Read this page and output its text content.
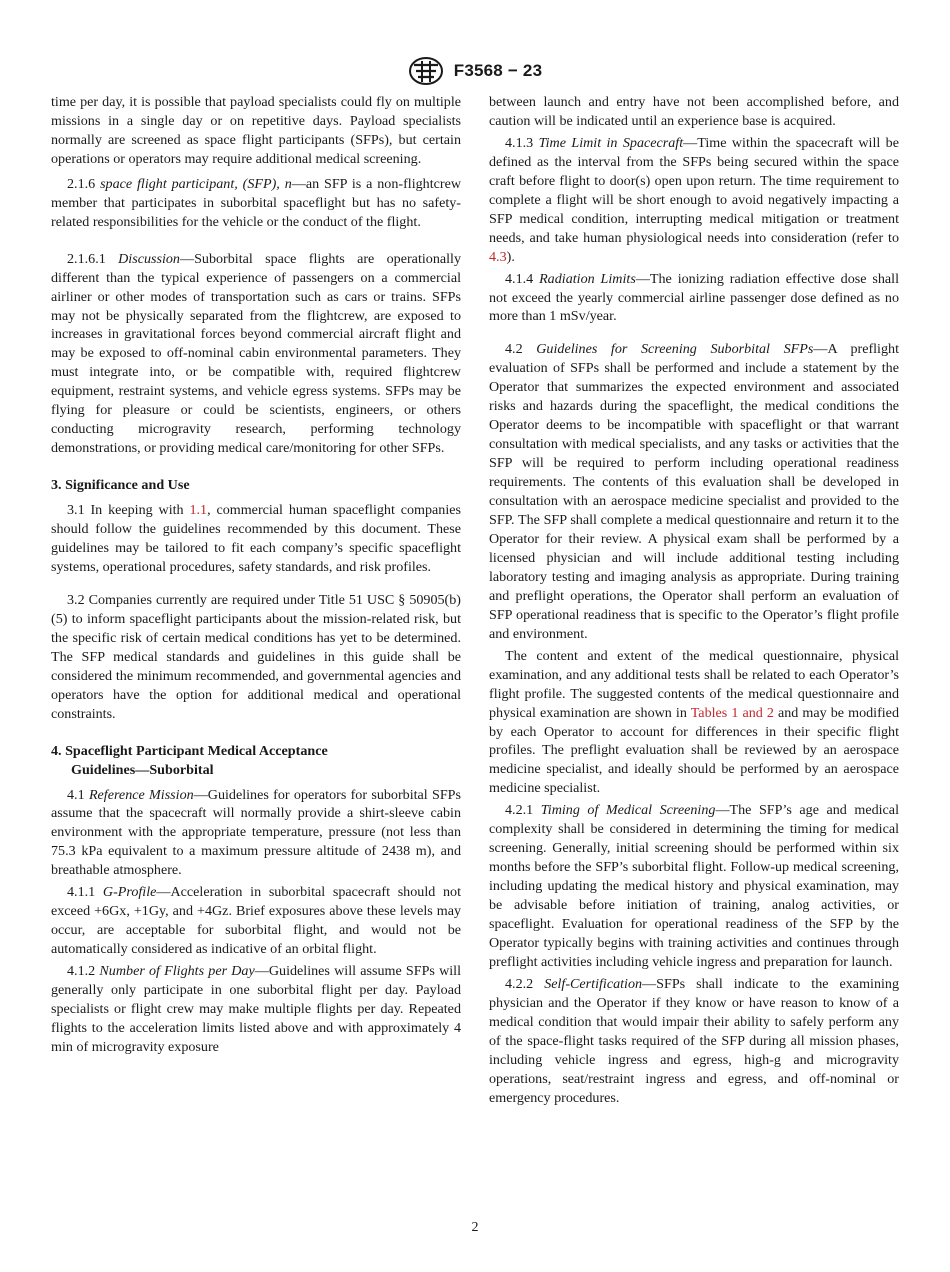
F3568 − 23

time per day, it is possible that payload specialists could fly on multiple missions in a single day or on repetitive days. Payload specialists normally are screened as space flight participants (SFPs), but certain operations or operators may require additional medical screening.

2.1.6 space flight participant, (SFP), n—an SFP is a non-flightcrew member that participates in suborbital spaceflight but has no safety-related responsibilities for the vehicle or the conduct of the flight.

2.1.6.1 Discussion—Suborbital space flights are operationally different than the typical experience of passengers on a commercial airliner or other modes of transportation such as cars or trains. SFPs may not be physically separated from the flightcrew, are exposed to increases in gravitational forces beyond commercial aircraft flight and may be exposed to off-nominal cabin environmental parameters. They must integrate into, or be compatible with, required flightcrew equipment, restraint systems, and vehicle egress systems. SFPs may be flying for pleasure or could be scientists, engineers, or others conducting microgravity research, performing technology demonstrations, or providing medical care/monitoring for other SFPs.

3. Significance and Use

3.1 In keeping with 1.1, commercial human spaceflight companies should follow the guidelines recommended by this document. These guidelines may be tailored to fit each company’s specific spaceflight systems, operational procedures, safety standards, and risk profiles.

3.2 Companies currently are required under Title 51 USC § 50905(b) (5) to inform spaceflight participants about the mission-related risk, but the specific risk of certain medical conditions has yet to be determined. The SFP medical standards and guidelines in this guide shall be considered the minimum recommended, and governmental agencies and operators have the option for additional medical and operational constraints.

4. Spaceflight Participant Medical Acceptance
Guidelines—Suborbital

4.1 Reference Mission—Guidelines for operators for suborbital SFPs assume that the spacecraft will normally provide a shirt-sleeve cabin environment with the appropriate temperature, pressure (not less than 75.3 kPa equivalent to a maximum pressure altitude of 2438 m), and breathable atmosphere.

4.1.1 G-Profile—Acceleration in suborbital spacecraft should not exceed +6Gx, +1Gy, and +4Gz. Brief exposures above these levels may occur, are acceptable for suborbital flight, and would not be automatically considered as indicative of an orbital flight.

4.1.2 Number of Flights per Day—Guidelines will assume SFPs will generally only participate in one suborbital flight per day. Payload specialists or flight crew may make multiple flights per day. Repeated flights to the acceleration limits listed above and with approximately 4 min of microgravity exposure

between launch and entry have not been accomplished before, and caution will be indicated until an experience base is acquired.

4.1.3 Time Limit in Spacecraft—Time within the spacecraft will be defined as the interval from the SFPs being secured within the space craft before flight to door(s) open upon return. The time requirement to complete a flight will be short enough to avoid negatively impacting a SFP medical condition, interrupting medical mitigation or treatment needs, and take human physiological needs into consideration (refer to 4.3).

4.1.4 Radiation Limits—The ionizing radiation effective dose shall not exceed the yearly commercial airline passenger dose defined as no more than 1 mSv/year.

4.2 Guidelines for Screening Suborbital SFPs—A preflight evaluation of SFPs shall be performed and include a statement by the Operator that summarizes the expected environment and associated risks and hazards during the spaceflight, the medical conditions the Operator deems to be incompatible with spaceflight or that warrant consultation with medical specialists, and any tasks or activities that the SFP will be required to perform including operational readiness requirements. The contents of this evaluation shall be developed in consultation with an aerospace medicine specialist and provided to the SFP. The SFP shall complete a medical questionnaire and return it to the Operator for their review. A physical exam shall be performed by a licensed physician and will include additional testing including laboratory testing and imaging analysis as appropriate. During training and preflight operations, the Operator shall perform an evaluation of SFP operational readiness that is specific to the Operator’s flight profile and environment.

The content and extent of the medical questionnaire, physical examination, and any additional tests shall be related to each Operator’s flight profile. The suggested contents of the medical questionnaire and physical examination are shown in Tables 1 and 2 and may be modified by each Operator to account for differences in their specific flight profiles. The preflight evaluation shall be reviewed by an aerospace medicine specialist, and ideally should be performed by an aerospace medicine specialist.

4.2.1 Timing of Medical Screening—The SFP’s age and medical complexity shall be considered in determining the timing for medical screening. Generally, initial screening should be performed within six months before the SFP’s suborbital flight. Follow-up medical screening, including updating the medical history and physical examination, may be advisable before initiation of training, analog activities, or spaceflight. Evaluation for operational readiness of the SFP by the Operator typically begins with training activities and continues through preflight activities including vehicle ingress and preparation for launch.

4.2.2 Self-Certification—SFPs shall indicate to the examining physician and the Operator if they know or have reason to know of a medical condition that would impair their ability to safely perform any of the space-flight tasks required of the SFP during all mission phases, including vehicle ingress and egress, high-g and microgravity operations, seat/restraint ingress and egress, and off-nominal or emergency procedures.

2
